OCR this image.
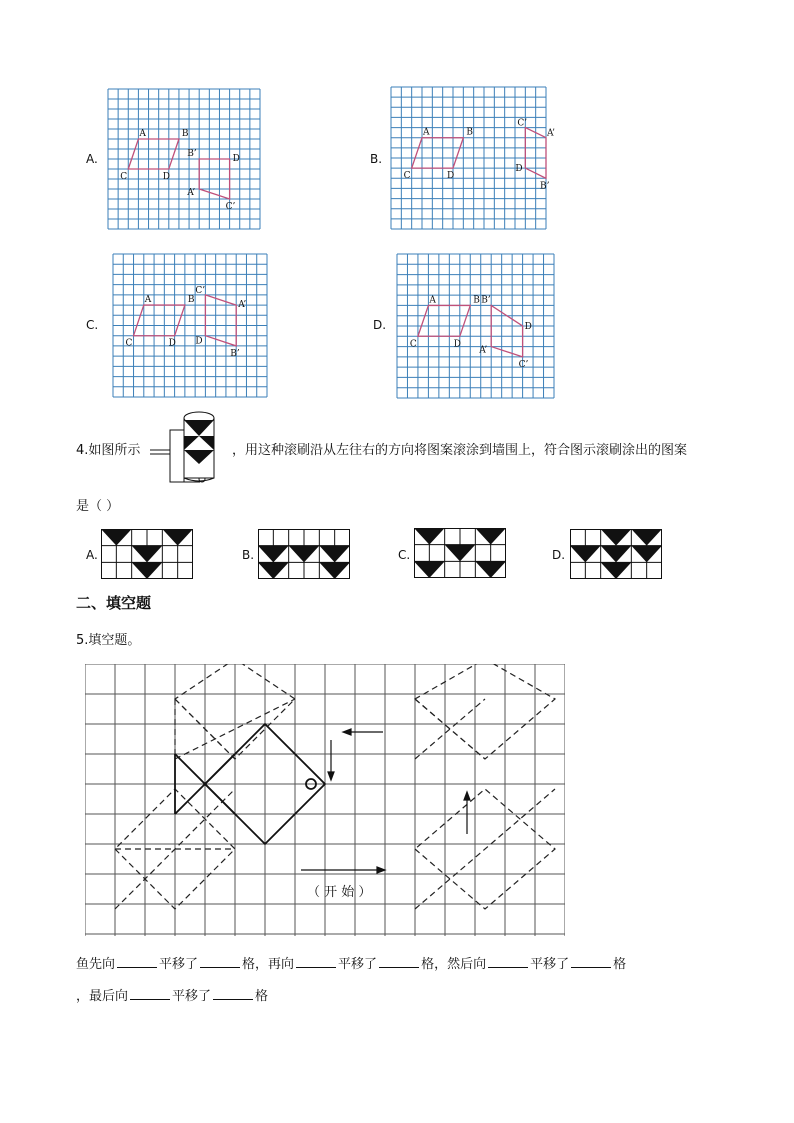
A.
A	B
C	D
B’	D
A’
C’
B.
A	B
C	D
C’
A’
D
B’
C.
A	B
C	D
C’
A’
D
B’
D.
A	B
C	D
B’
D
A’
C’
4.如图所示	，用这种滚刷沿从左往右的方向将图案滚涂到墙围上，符合图示滚刷涂出的图案
是（ ）
A.	B.	C.	D.
二、填空题
5.填空题。
（ 开 始 ）
鱼先向	平移了	格，再向	平移了	格，然后向	平移了	格
，最后向	平移了	格
